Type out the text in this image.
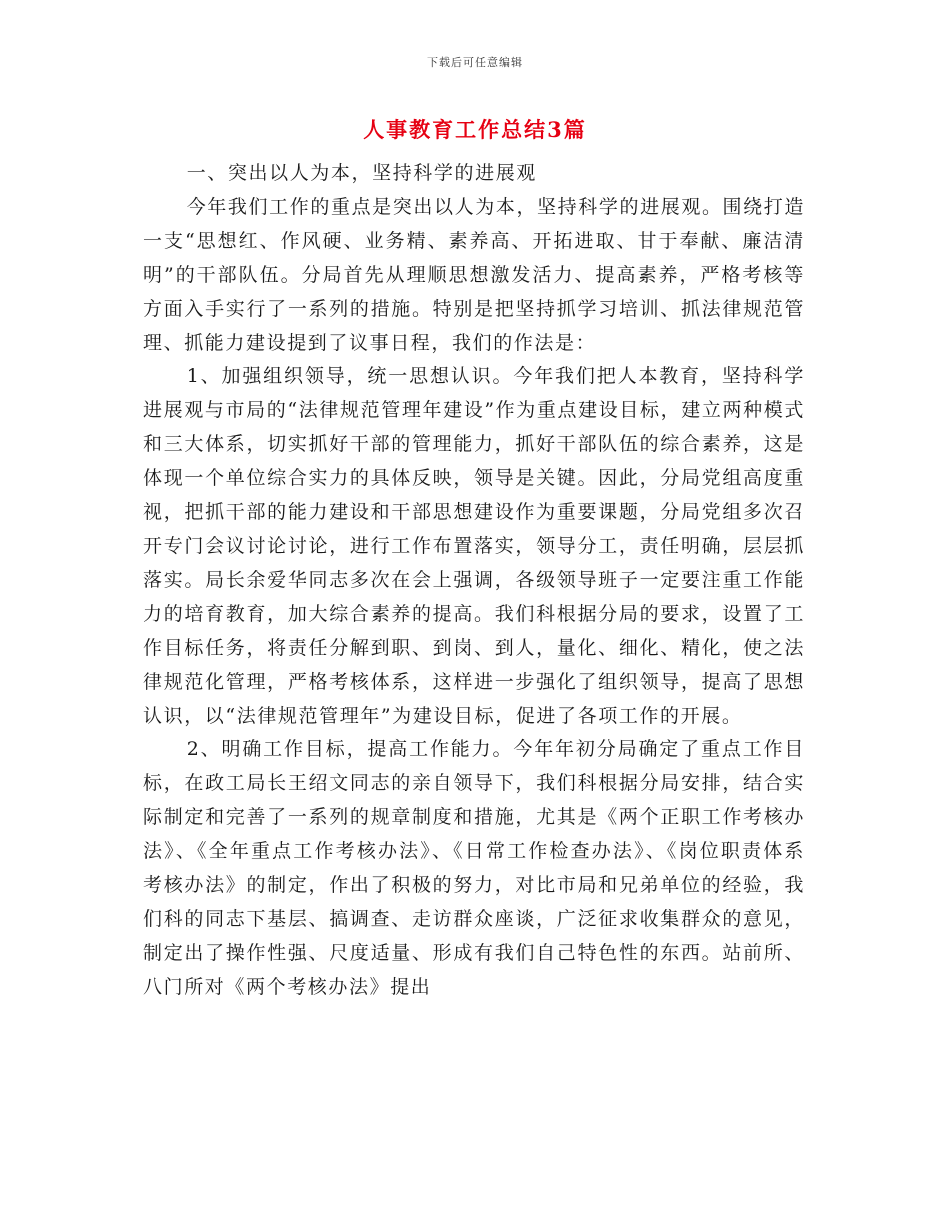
下载后可任意编辑
人事教育工作总结3篇

一、突出以人为本，坚持科学的进展观

今年我们工作的重点是突出以人为本，坚持科学的进展观。围绕打造一支“思想红、作风硬、业务精、素养高、开拓进取、甘于奉献、廉洁清明”的干部队伍。分局首先从理顺思想激发活力、提高素养，严格考核等方面入手实行了一系列的措施。特别是把坚持抓学习培训、抓法律规范管理、抓能力建设提到了议事日程，我们的作法是：

1、加强组织领导，统一思想认识。今年我们把人本教育，坚持科学进展观与市局的“法律规范管理年建设”作为重点建设目标，建立两种模式和三大体系，切实抓好干部的管理能力，抓好干部队伍的综合素养，这是体现一个单位综合实力的具体反映，领导是关键。因此，分局党组高度重视，把抓干部的能力建设和干部思想建设作为重要课题，分局党组多次召开专门会议讨论讨论，进行工作布置落实，领导分工，责任明确，层层抓落实。局长余爱华同志多次在会上强调，各级领导班子一定要注重工作能力的培育教育，加大综合素养的提高。我们科根据分局的要求，设置了工作目标任务，将责任分解到职、到岗、到人，量化、细化、精化，使之法律规范化管理，严格考核体系，这样进一步强化了组织领导，提高了思想认识，以“法律规范管理年”为建设目标，促进了各项工作的开展。

2、明确工作目标，提高工作能力。今年年初分局确定了重点工作目标，在政工局长王绍文同志的亲自领导下，我们科根据分局安排，结合实际制定和完善了一系列的规章制度和措施，尤其是《两个正职工作考核办法》、《全年重点工作考核办法》、《日常工作检查办法》、《岗位职责体系考核办法》的制定，作出了积极的努力，对比市局和兄弟单位的经验，我们科的同志下基层、搞调查、走访群众座谈，广泛征求收集群众的意见，制定出了操作性强、尺度适量、形成有我们自己特色性的东西。站前所、八门所对《两个考核办法》提出
